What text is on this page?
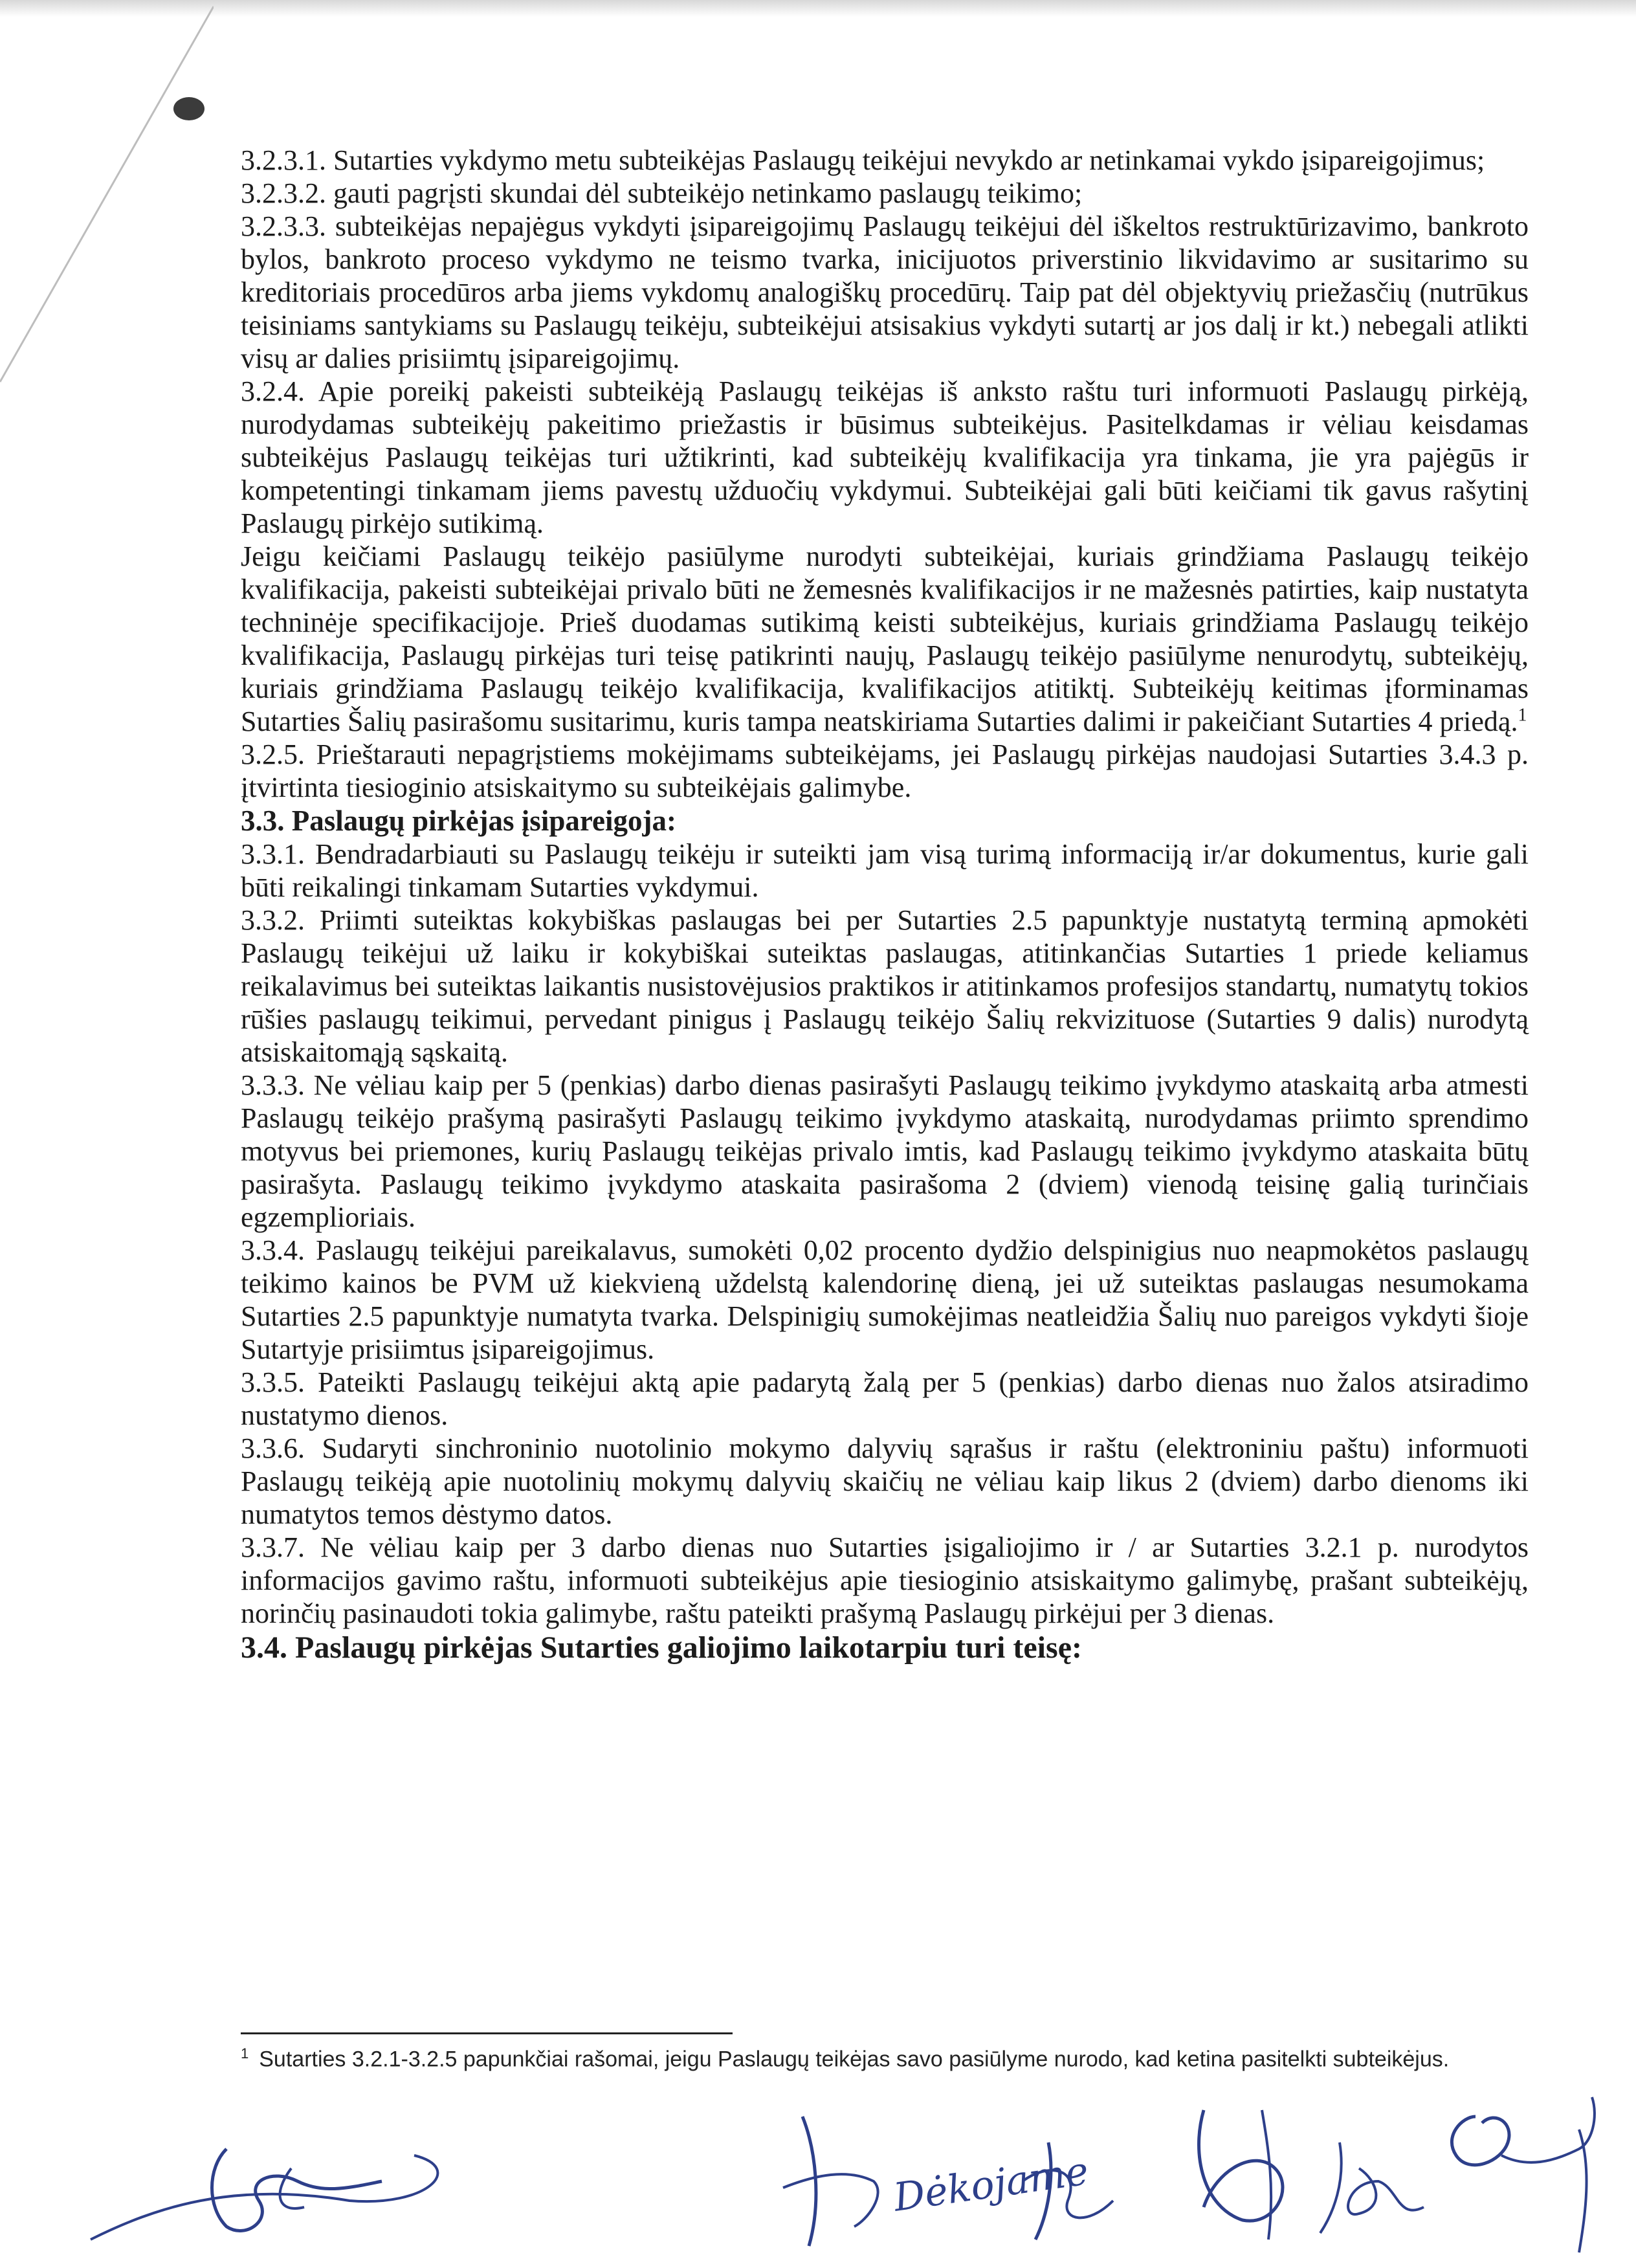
3.2.3.1. Sutarties vykdymo metu subteikėjas Paslaugų teikėjui nevykdo ar netinkamai vykdo įsipareigojimus;

3.2.3.2. gauti pagrįsti skundai dėl subteikėjo netinkamo paslaugų teikimo;

3.2.3.3. subteikėjas nepajėgus vykdyti įsipareigojimų Paslaugų teikėjui dėl iškeltos restruktūrizavimo, bankroto bylos, bankroto proceso vykdymo ne teismo tvarka, inicijuotos priverstinio likvidavimo ar susitarimo su kreditoriais procedūros arba jiems vykdomų analogiškų procedūrų. Taip pat dėl objektyvių priežasčių (nutrūkus teisiniams santykiams su Paslaugų teikėju, subteikėjui atsisakius vykdyti sutartį ar jos dalį ir kt.) nebegali atlikti visų ar dalies prisiimtų įsipareigojimų.

3.2.4. Apie poreikį pakeisti subteikėją Paslaugų teikėjas iš anksto raštu turi informuoti Paslaugų pirkėją, nurodydamas subteikėjų pakeitimo priežastis ir būsimus subteikėjus. Pasitelkdamas ir vėliau keisdamas subteikėjus Paslaugų teikėjas turi užtikrinti, kad subteikėjų kvalifikacija yra tinkama, jie yra pajėgūs ir kompetentingi tinkamam jiems pavestų užduočių vykdymui. Subteikėjai gali būti keičiami tik gavus rašytinį Paslaugų pirkėjo sutikimą.

Jeigu keičiami Paslaugų teikėjo pasiūlyme nurodyti subteikėjai, kuriais grindžiama Paslaugų teikėjo kvalifikacija, pakeisti subteikėjai privalo būti ne žemesnės kvalifikacijos ir ne mažesnės patirties, kaip nustatyta techninėje specifikacijoje. Prieš duodamas sutikimą keisti subteikėjus, kuriais grindžiama Paslaugų teikėjo kvalifikacija, Paslaugų pirkėjas turi teisę patikrinti naujų, Paslaugų teikėjo pasiūlyme nenurodytų, subteikėjų, kuriais grindžiama Paslaugų teikėjo kvalifikacija, kvalifikacijos atitiktį. Subteikėjų keitimas įforminamas Sutarties Šalių pasirašomu susitarimu, kuris tampa neatskiriama Sutarties dalimi ir pakeičiant Sutarties 4 priedą.$^1$

3.2.5. Prieštarauti nepagrįstiems mokėjimams subteikėjams, jei Paslaugų pirkėjas naudojasi Sutarties 3.4.3 p. įtvirtinta tiesioginio atsiskaitymo su subteikėjais galimybe.

3.3. Paslaugų pirkėjas įsipareigoja:

3.3.1. Bendradarbiauti su Paslaugų teikėju ir suteikti jam visą turimą informaciją ir/ar dokumentus, kurie gali būti reikalingi tinkamam Sutarties vykdymui.

3.3.2. Priimti suteiktas kokybiškas paslaugas bei per Sutarties 2.5 papunktyje nustatytą terminą apmokėti Paslaugų teikėjui už laiku ir kokybiškai suteiktas paslaugas, atitinkančias Sutarties 1 priede keliamus reikalavimus bei suteiktas laikantis nusistovėjusios praktikos ir atitinkamos profesijos standartų, numatytų tokios rūšies paslaugų teikimui, pervedant pinigus į Paslaugų teikėjo Šalių rekvizituose (Sutarties 9 dalis) nurodytą atsiskaitomąją sąskaitą.

3.3.3. Ne vėliau kaip per 5 (penkias) darbo dienas pasirašyti Paslaugų teikimo įvykdymo ataskaitą arba atmesti Paslaugų teikėjo prašymą pasirašyti Paslaugų teikimo įvykdymo ataskaitą, nurodydamas priimto sprendimo motyvus bei priemones, kurių Paslaugų teikėjas privalo imtis, kad Paslaugų teikimo įvykdymo ataskaita būtų pasirašyta. Paslaugų teikimo įvykdymo ataskaita pasirašoma 2 (dviem) vienodą teisinę galią turinčiais egzemplioriais.

3.3.4. Paslaugų teikėjui pareikalavus, sumokėti 0,02 procento dydžio delspinigius nuo neapmokėtos paslaugų teikimo kainos be PVM už kiekvieną uždelstą kalendorinę dieną, jei už suteiktas paslaugas nesumokama Sutarties 2.5 papunktyje numatyta tvarka. Delspinigių sumokėjimas neatleidžia Šalių nuo pareigos vykdyti šioje Sutartyje prisiimtus įsipareigojimus.

3.3.5. Pateikti Paslaugų teikėjui aktą apie padarytą žalą per 5 (penkias) darbo dienas nuo žalos atsiradimo nustatymo dienos.

3.3.6. Sudaryti sinchroninio nuotolinio mokymo dalyvių sąrašus ir raštu (elektroniniu paštu) informuoti Paslaugų teikėją apie nuotolinių mokymų dalyvių skaičių ne vėliau kaip likus 2 (dviem) darbo dienoms iki numatytos temos dėstymo datos.

3.3.7. Ne vėliau kaip per 3 darbo dienas nuo Sutarties įsigaliojimo ir / ar Sutarties 3.2.1 p. nurodytos informacijos gavimo raštu, informuoti subteikėjus apie tiesioginio atsiskaitymo galimybę, prašant subteikėjų, norinčių pasinaudoti tokia galimybe, raštu pateikti prašymą Paslaugų pirkėjui per 3 dienas.

3.4. Paslaugų pirkėjas Sutarties galiojimo laikotarpiu turi teisę:
$^1$ Sutarties 3.2.1-3.2.5 papunkčiai rašomai, jeigu Paslaugų teikėjas savo pasiūlyme nurodo, kad ketina pasitelkti subteikėjus.
Dėkojame
